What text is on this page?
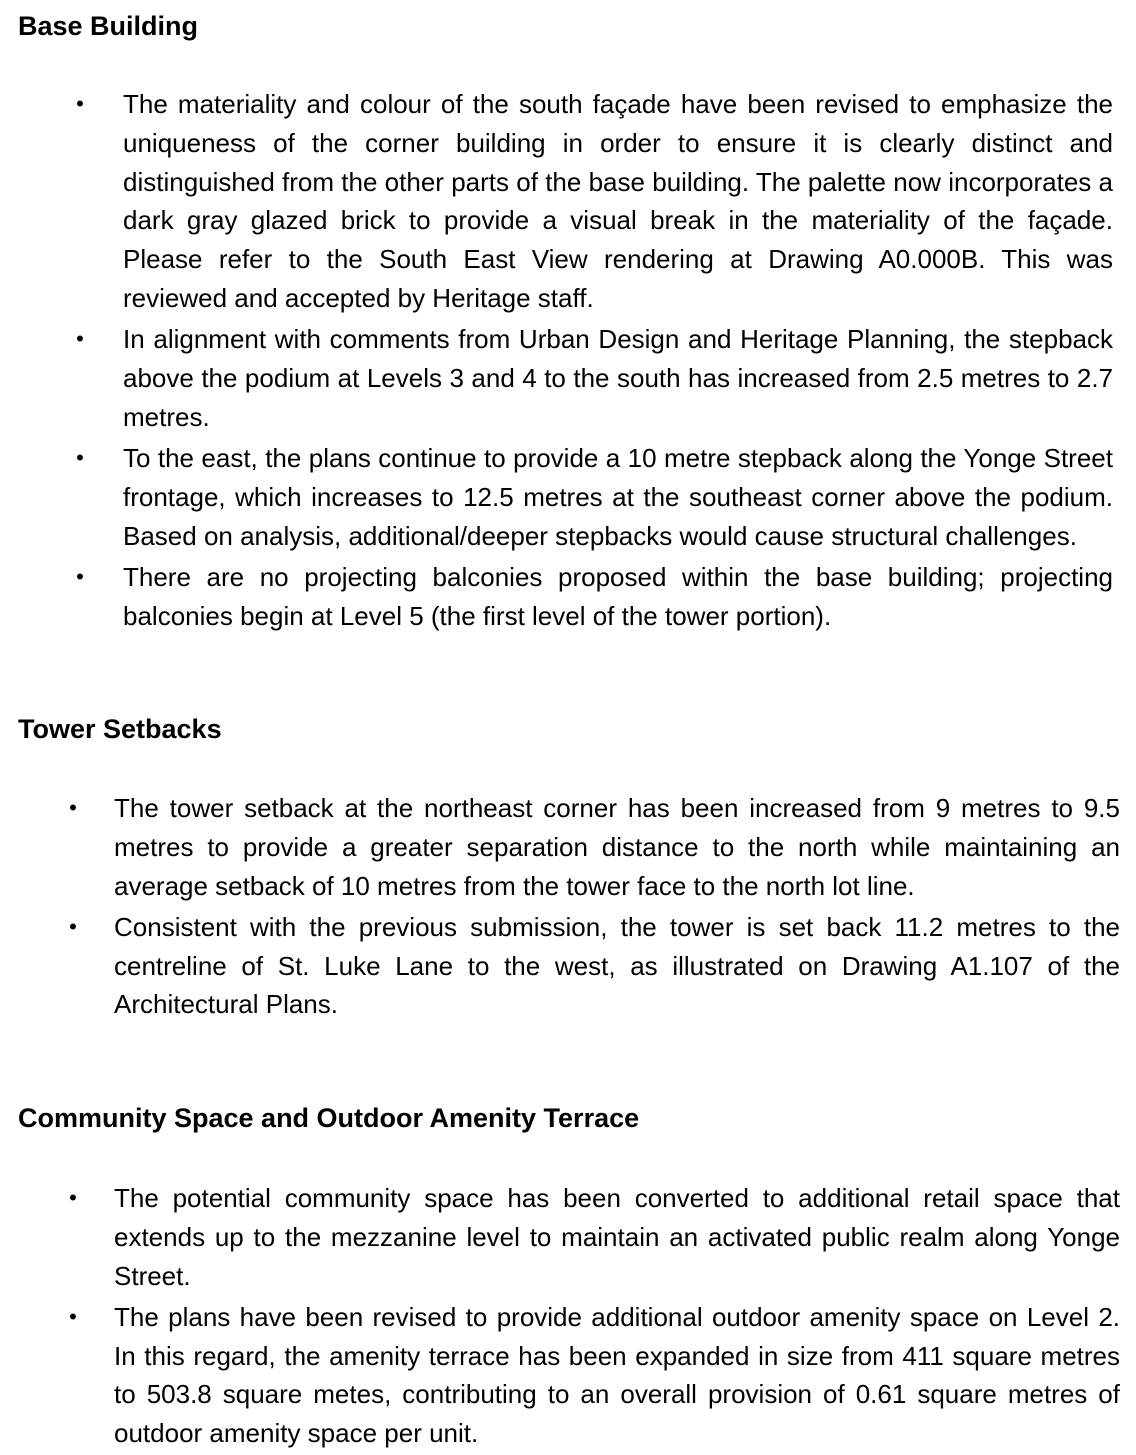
Base Building
• The materiality and colour of the south façade have been revised to emphasize the uniqueness of the corner building in order to ensure it is clearly distinct and distinguished from the other parts of the base building. The palette now incorporates a dark gray glazed brick to provide a visual break in the materiality of the façade. Please refer to the South East View rendering at Drawing A0.000B. This was reviewed and accepted by Heritage staff.
• In alignment with comments from Urban Design and Heritage Planning, the stepback above the podium at Levels 3 and 4 to the south has increased from 2.5 metres to 2.7 metres.
• To the east, the plans continue to provide a 10 metre stepback along the Yonge Street frontage, which increases to 12.5 metres at the southeast corner above the podium. Based on analysis, additional/deeper stepbacks would cause structural challenges.
• There are no projecting balconies proposed within the base building; projecting balconies begin at Level 5 (the first level of the tower portion).
Tower Setbacks
• The tower setback at the northeast corner has been increased from 9 metres to 9.5 metres to provide a greater separation distance to the north while maintaining an average setback of 10 metres from the tower face to the north lot line.
• Consistent with the previous submission, the tower is set back 11.2 metres to the centreline of St. Luke Lane to the west, as illustrated on Drawing A1.107 of the Architectural Plans.
Community Space and Outdoor Amenity Terrace
• The potential community space has been converted to additional retail space that extends up to the mezzanine level to maintain an activated public realm along Yonge Street.
• The plans have been revised to provide additional outdoor amenity space on Level 2. In this regard, the amenity terrace has been expanded in size from 411 square metres to 503.8 square metes, contributing to an overall provision of 0.61 square metres of outdoor amenity space per unit.
